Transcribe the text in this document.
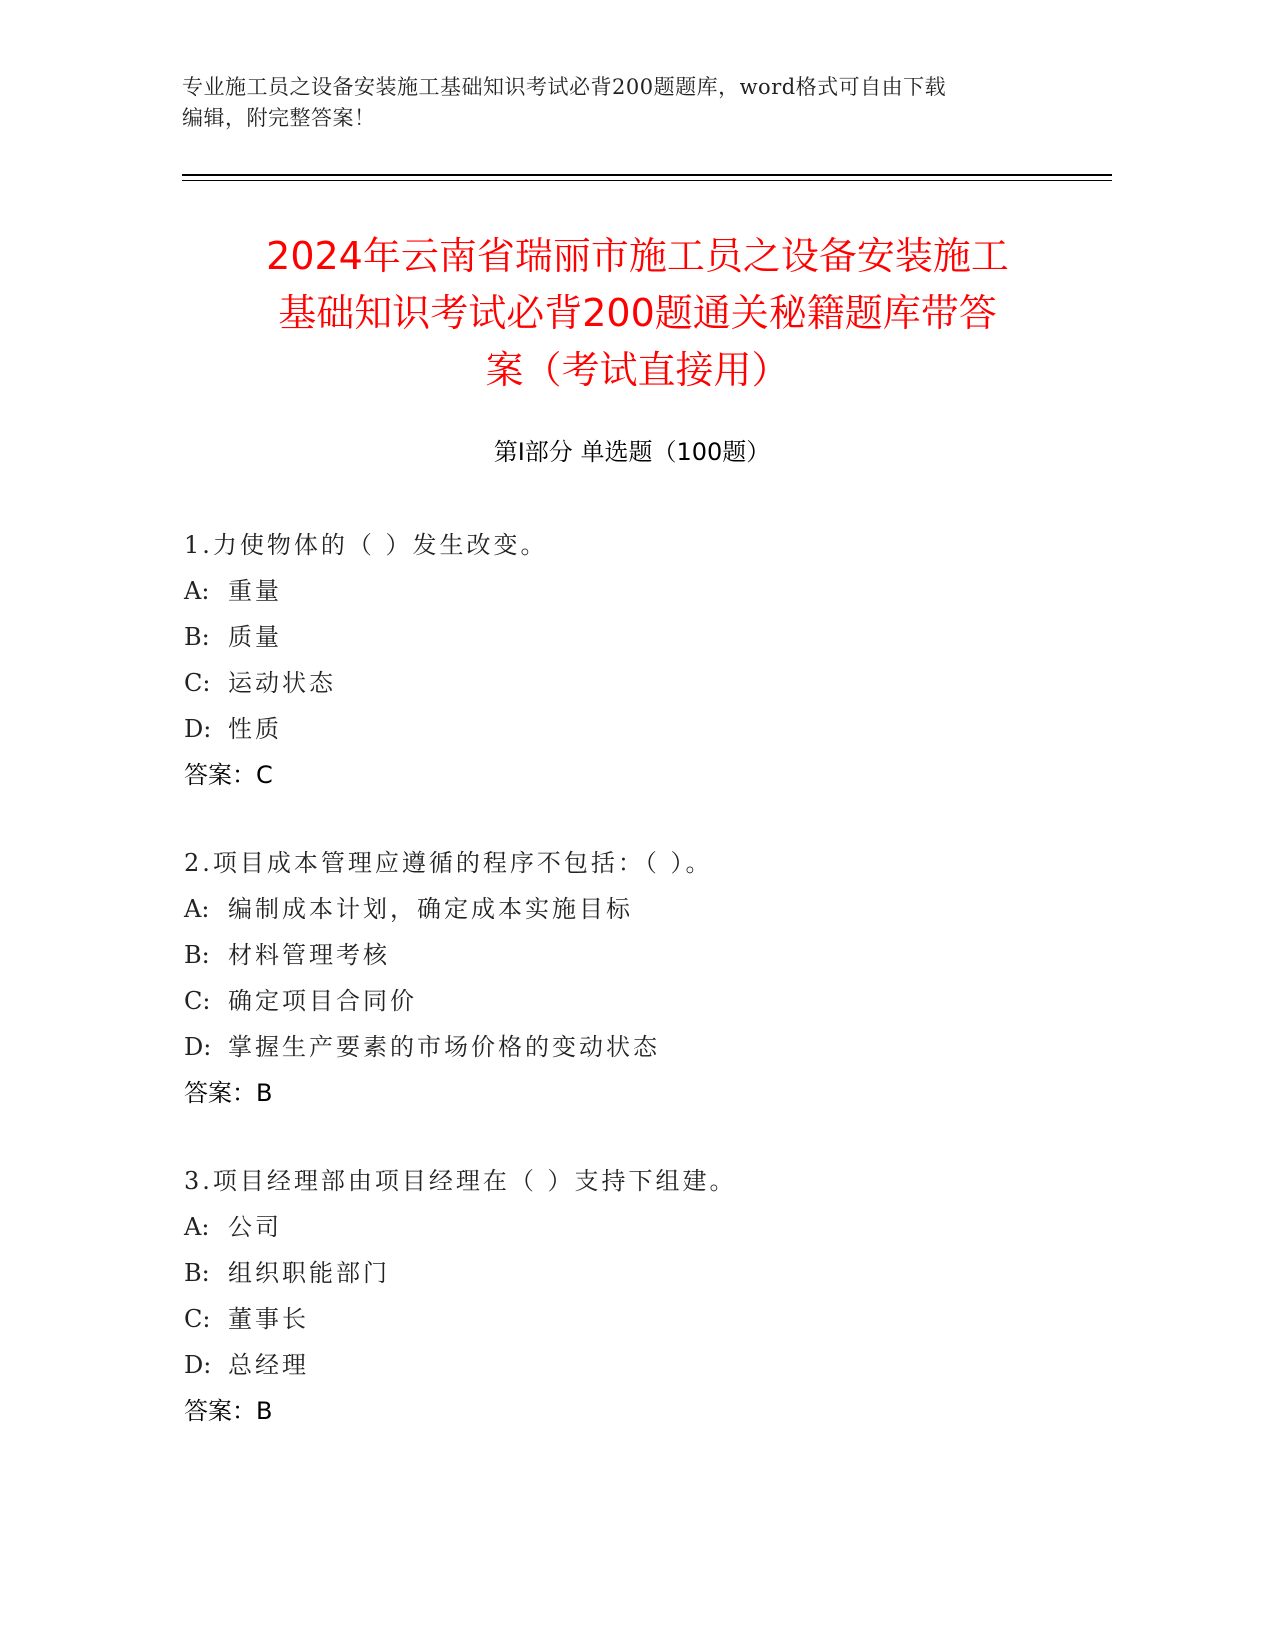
专业施工员之设备安装施工基础知识考试必背200题题库，word格式可自由下载
编辑，附完整答案！
2024年云南省瑞丽市施工员之设备安装施工
基础知识考试必背200题通关秘籍题库带答
案（考试直接用）
第Ⅰ部分 单选题（100题）
1.力使物体的（ ）发生改变。
A: 重量
B: 质量
C: 运动状态
D: 性质
答案：C
2.项目成本管理应遵循的程序不包括：（ ）。
A: 编制成本计划，确定成本实施目标
B: 材料管理考核
C: 确定项目合同价
D: 掌握生产要素的市场价格的变动状态
答案：B
3.项目经理部由项目经理在（ ）支持下组建。
A: 公司
B: 组织职能部门
C: 董事长
D: 总经理
答案：B
